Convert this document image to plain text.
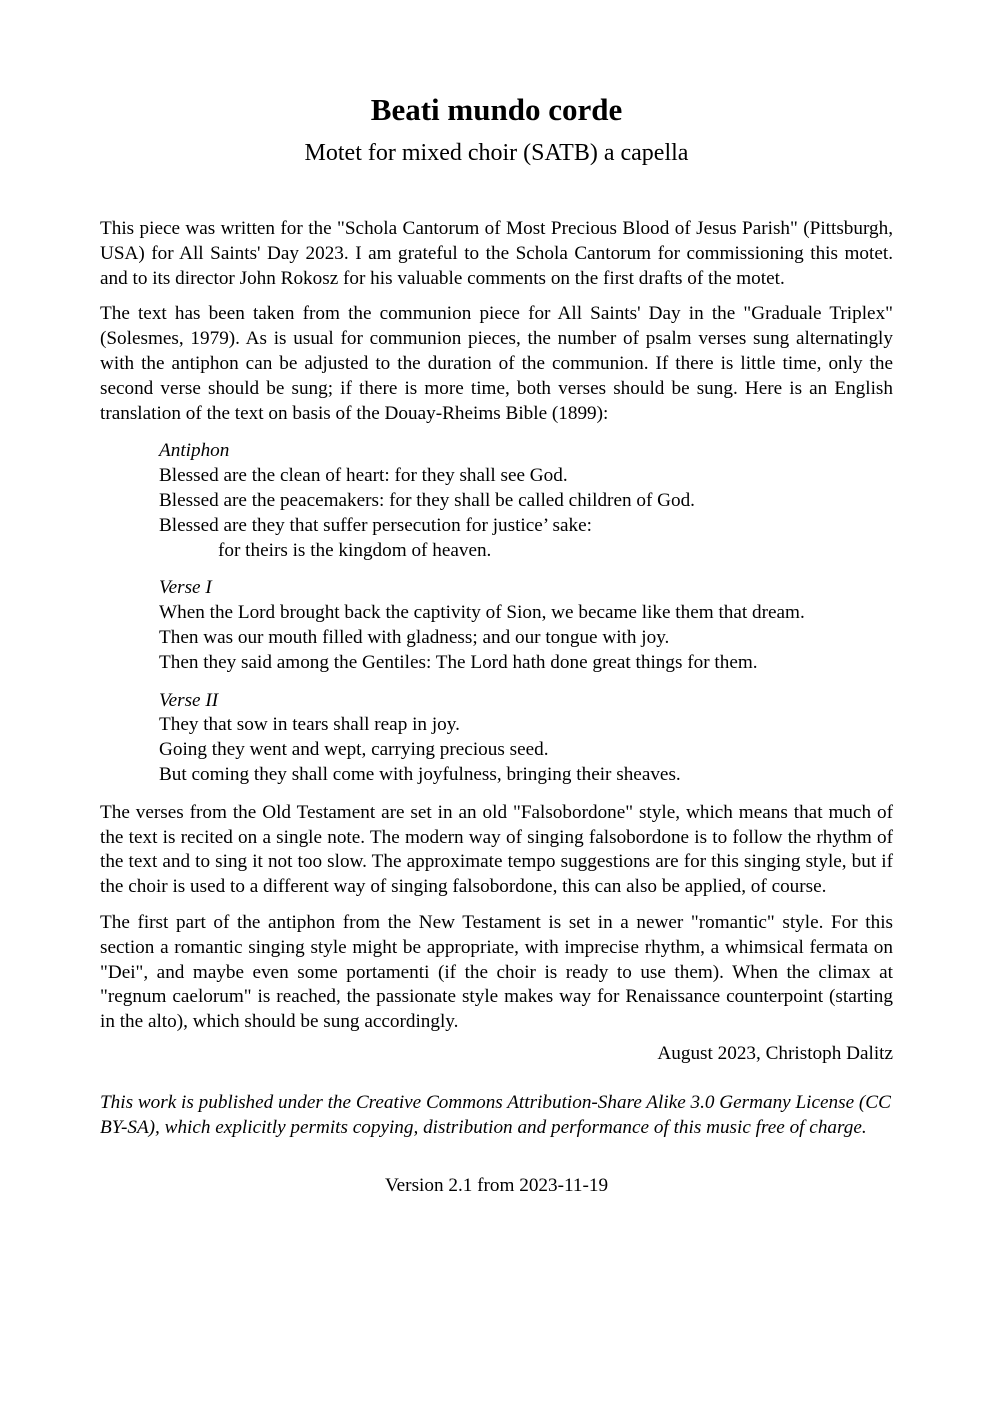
Beati mundo corde
Motet for mixed choir (SATB) a capella

This piece was written for the "Schola Cantorum of Most Precious Blood of Jesus Parish" (Pittsburgh, USA) for All Saints' Day 2023. I am grateful to the Schola Cantorum for commissioning this motet. and to its director John Rokosz for his valuable comments on the first drafts of the motet.

The text has been taken from the communion piece for All Saints' Day in the "Graduale Triplex" (Solesmes, 1979). As is usual for communion pieces, the number of psalm verses sung alternatingly with the antiphon can be adjusted to the duration of the communion. If there is little time, only the second verse should be sung; if there is more time, both verses should be sung. Here is an English translation of the text on basis of the Douay-Rheims Bible (1899):

Antiphon
Blessed are the clean of heart: for they shall see God.
Blessed are the peacemakers: for they shall be called children of God.
Blessed are they that suffer persecution for justice’ sake:
for theirs is the kingdom of heaven.
Verse I
When the Lord brought back the captivity of Sion, we became like them that dream.
Then was our mouth filled with gladness; and our tongue with joy.
Then they said among the Gentiles: The Lord hath done great things for them.
Verse II
They that sow in tears shall reap in joy.
Going they went and wept, carrying precious seed.
But coming they shall come with joyfulness, bringing their sheaves.

The verses from the Old Testament are set in an old "Falsobordone" style, which means that much of the text is recited on a single note. The modern way of singing falsobordone is to follow the rhythm of the text and to sing it not too slow. The approximate tempo suggestions are for this singing style, but if the choir is used to a different way of singing falsobordone, this can also be applied, of course.

The first part of the antiphon from the New Testament is set in a newer "romantic" style. For this section a romantic singing style might be appropriate, with imprecise rhythm, a whimsical fermata on "Dei", and maybe even some portamenti (if the choir is ready to use them). When the climax at "regnum caelorum" is reached, the passionate style makes way for Renaissance counterpoint (starting in the alto), which should be sung accordingly.

August 2023, Christoph Dalitz

This work is published under the Creative Commons Attribution-Share Alike 3.0 Germany License (CC BY-SA), which explicitly permits copying, distribution and performance of this music free of charge.

Version 2.1 from 2023-11-19
